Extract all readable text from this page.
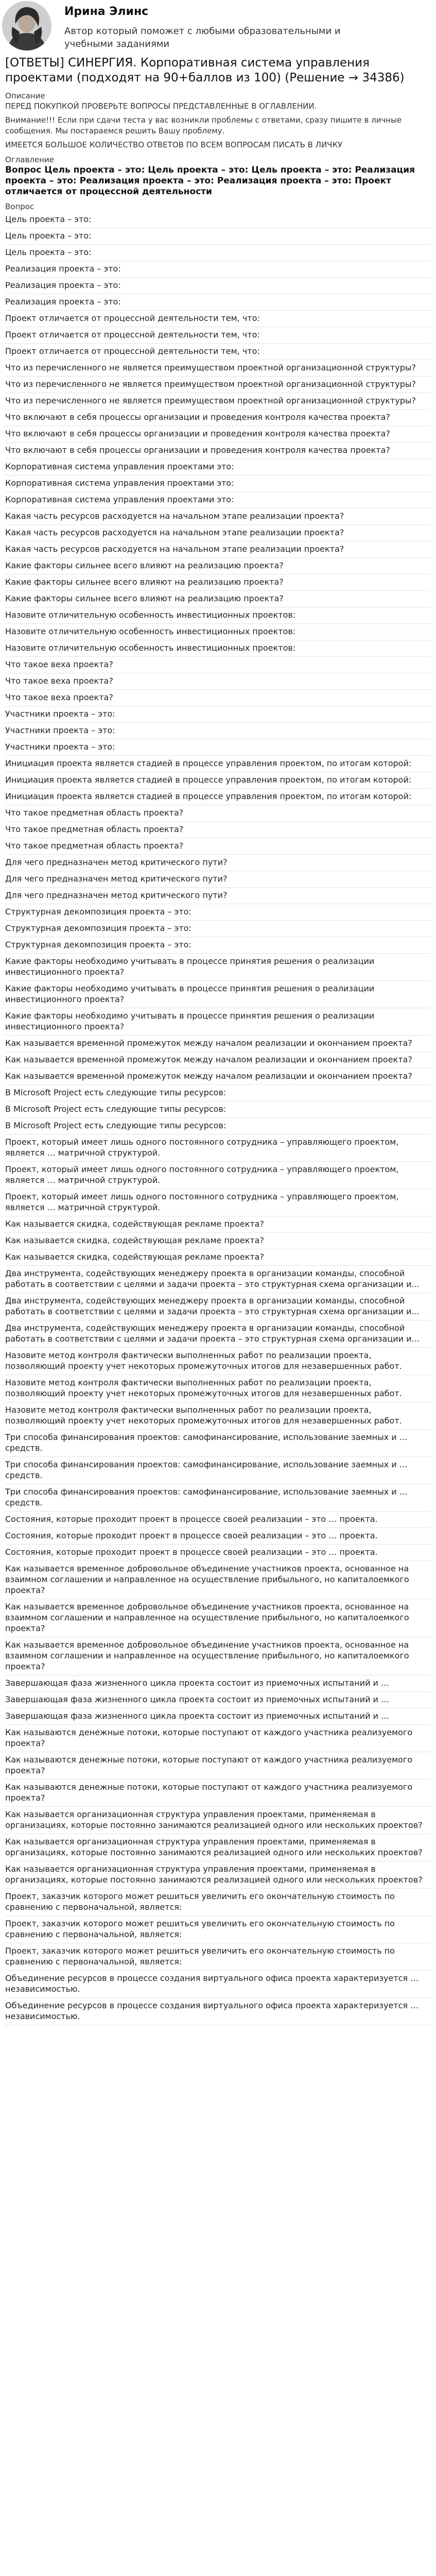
Ирина Элинс
Автор который поможет с любыми образовательными и учебными заданиями
[ОТВЕТЫ] СИНЕРГИЯ. Корпоративная система управления проектами (подходят на 90+баллов из 100) (Решение → 34386)
Описание
ПЕРЕД ПОКУПКОЙ ПРОВЕРЬТЕ ВОПРОСЫ ПРЕДСТАВЛЕННЫЕ В ОГЛАВЛЕНИИ.
Внимание!!! Если при сдачи теста у вас возникли проблемы с ответами, сразу пишите в личные сообщения. Мы постараемся решить Вашу проблему.
ИМЕЕТСЯ БОЛЬШОЕ КОЛИЧЕСТВО ОТВЕТОВ ПО ВСЕМ ВОПРОСАМ ПИСАТЬ В ЛИЧКУ
Оглавление
Вопрос Цель проекта – это: Цель проекта – это: Цель проекта – это: Реализация проекта – это: Реализация проекта – это: Реализация проекта – это: Проект отличается от процессной деятельности
Вопрос
Цель проекта – это:
Цель проекта – это:
Цель проекта – это:
Реализация проекта – это:
Реализация проекта – это:
Реализация проекта – это:
Проект отличается от процессной деятельности тем, что:
Проект отличается от процессной деятельности тем, что:
Проект отличается от процессной деятельности тем, что:
Что из перечисленного не является преимуществом проектной организационной структуры?
Что из перечисленного не является преимуществом проектной организационной структуры?
Что из перечисленного не является преимуществом проектной организационной структуры?
Что включают в себя процессы организации и проведения контроля качества проекта?
Что включают в себя процессы организации и проведения контроля качества проекта?
Что включают в себя процессы организации и проведения контроля качества проекта?
Корпоративная система управления проектами это:
Корпоративная система управления проектами это:
Корпоративная система управления проектами это:
Какая часть ресурсов расходуется на начальном этапе реализации проекта?
Какая часть ресурсов расходуется на начальном этапе реализации проекта?
Какая часть ресурсов расходуется на начальном этапе реализации проекта?
Какие факторы сильнее всего влияют на реализацию проекта?
Какие факторы сильнее всего влияют на реализацию проекта?
Какие факторы сильнее всего влияют на реализацию проекта?
Назовите отличительную особенность инвестиционных проектов:
Назовите отличительную особенность инвестиционных проектов:
Назовите отличительную особенность инвестиционных проектов:
Что такое веха проекта?
Что такое веха проекта?
Что такое веха проекта?
Участники проекта – это:
Участники проекта – это:
Участники проекта – это:
Инициация проекта является стадией в процессе управления проектом, по итогам которой:
Инициация проекта является стадией в процессе управления проектом, по итогам которой:
Инициация проекта является стадией в процессе управления проектом, по итогам которой:
Что такое предметная область проекта?
Что такое предметная область проекта?
Что такое предметная область проекта?
Для чего предназначен метод критического пути?
Для чего предназначен метод критического пути?
Для чего предназначен метод критического пути?
Структурная декомпозиция проекта – это:
Структурная декомпозиция проекта – это:
Структурная декомпозиция проекта – это:
Какие факторы необходимо учитывать в процессе принятия решения о реализации инвестиционного проекта?
Какие факторы необходимо учитывать в процессе принятия решения о реализации инвестиционного проекта?
Какие факторы необходимо учитывать в процессе принятия решения о реализации инвестиционного проекта?
Как называется временной промежуток между началом реализации и окончанием проекта?
Как называется временной промежуток между началом реализации и окончанием проекта?
Как называется временной промежуток между началом реализации и окончанием проекта?
В Microsoft Project есть следующие типы ресурсов:
В Microsoft Project есть следующие типы ресурсов:
В Microsoft Project есть следующие типы ресурсов:
Проект, который имеет лишь одного постоянного сотрудника – управляющего проектом, является … матричной структурой.
Проект, который имеет лишь одного постоянного сотрудника – управляющего проектом, является … матричной структурой.
Проект, который имеет лишь одного постоянного сотрудника – управляющего проектом, является … матричной структурой.
Как называется скидка, содействующая рекламе проекта?
Как называется скидка, содействующая рекламе проекта?
Как называется скидка, содействующая рекламе проекта?
Два инструмента, содействующих менеджеру проекта в организации команды, способной работать в соответствии с целями и задачи проекта – это структурная схема организации и…
Два инструмента, содействующих менеджеру проекта в организации команды, способной работать в соответствии с целями и задачи проекта – это структурная схема организации и…
Два инструмента, содействующих менеджеру проекта в организации команды, способной работать в соответствии с целями и задачи проекта – это структурная схема организации и…
Назовите метод контроля фактически выполненных работ по реализации проекта, позволяющий проекту учет некоторых промежуточных итогов для незавершенных работ.
Назовите метод контроля фактически выполненных работ по реализации проекта, позволяющий проекту учет некоторых промежуточных итогов для незавершенных работ.
Назовите метод контроля фактически выполненных работ по реализации проекта, позволяющий проекту учет некоторых промежуточных итогов для незавершенных работ.
Три способа финансирования проектов: самофинансирование, использование заемных и … средств.
Три способа финансирования проектов: самофинансирование, использование заемных и … средств.
Три способа финансирования проектов: самофинансирование, использование заемных и … средств.
Состояния, которые проходит проект в процессе своей реализации – это … проекта.
Состояния, которые проходит проект в процессе своей реализации – это … проекта.
Состояния, которые проходит проект в процессе своей реализации – это … проекта.
Как называется временное добровольное объединение участников проекта, основанное на взаимном соглашении и направленное на осуществление прибыльного, но капиталоемкого проекта?
Как называется временное добровольное объединение участников проекта, основанное на взаимном соглашении и направленное на осуществление прибыльного, но капиталоемкого проекта?
Как называется временное добровольное объединение участников проекта, основанное на взаимном соглашении и направленное на осуществление прибыльного, но капиталоемкого проекта?
Завершающая фаза жизненного цикла проекта состоит из приемочных испытаний и …
Завершающая фаза жизненного цикла проекта состоит из приемочных испытаний и …
Завершающая фаза жизненного цикла проекта состоит из приемочных испытаний и …
Как называются денежные потоки, которые поступают от каждого участника реализуемого проекта?
Как называются денежные потоки, которые поступают от каждого участника реализуемого проекта?
Как называются денежные потоки, которые поступают от каждого участника реализуемого проекта?
Как называется организационная структура управления проектами, применяемая в организациях, которые постоянно занимаются реализацией одного или нескольких проектов?
Как называется организационная структура управления проектами, применяемая в организациях, которые постоянно занимаются реализацией одного или нескольких проектов?
Как называется организационная структура управления проектами, применяемая в организациях, которые постоянно занимаются реализацией одного или нескольких проектов?
Проект, заказчик которого может решиться увеличить его окончательную стоимость по сравнению с первоначальной, является:
Проект, заказчик которого может решиться увеличить его окончательную стоимость по сравнению с первоначальной, является:
Проект, заказчик которого может решиться увеличить его окончательную стоимость по сравнению с первоначальной, является:
Объединение ресурсов в процессе создания виртуального офиса проекта характеризуется … независимостью.
Объединение ресурсов в процессе создания виртуального офиса проекта характеризуется … независимостью.
